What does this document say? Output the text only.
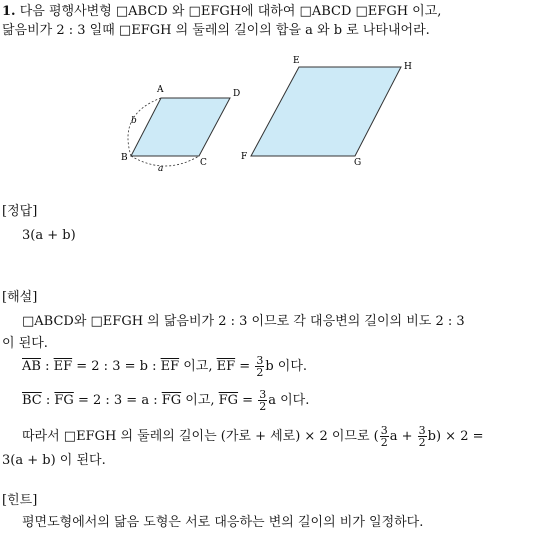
1. 다음 평행사변형 □ABCD 와 □EFGH에 대하여 □ABCD □EFGH 이고,
닮음비가 2 : 3 일때 □EFGH 의 둘레의 길이의 합을 a 와 b 로 나타내어라.
A	D
B	C
b
a
E
H
F
G
[정답]
3(a + b)
[해설]
□ABCD와 □EFGH 의 닮음비가 2 : 3 이므로 각 대응변의 길이의 비도 2 : 3
이 된다.
$\overline{AB}$ : $\overline{EF} = 2$ : 3 = b : $\overline{EF}$ 이고, $\overline{EF} = \frac{3}{2}$ b 이다.
$\overline{BC}$ : $\overline{FG} = 2$ : 3 = a : $\overline{FG}$ 이고, $\overline{FG} = \frac{3}{2}$ a 이다.
따라서 □EFGH 의 둘레의 길이는 (가로 + 세로) × 2 이므로 ( $\frac{3}{2}$ $a + \frac{3}{2} b) \times 2$ =
3(a + b) 이 된다.
[힌트]
평면도형에서의 닮음 도형은 서로 대응하는 변의 길이의 비가 일정하다.
